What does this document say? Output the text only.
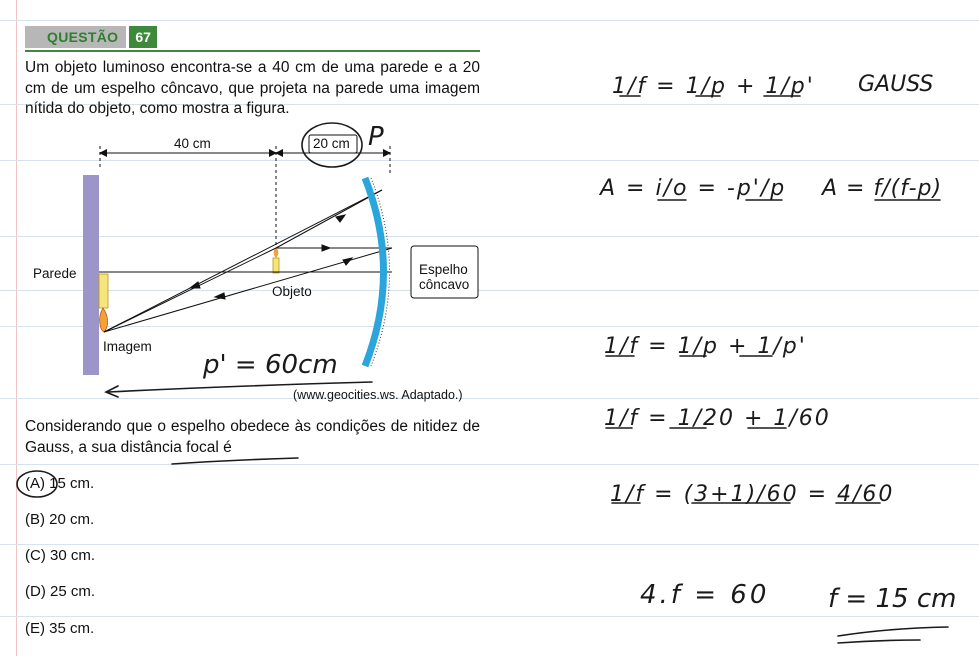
QUESTÃO	67
Um objeto luminoso encontra-se a 40 cm de uma parede e a 20 cm de um espelho côncavo, que projeta na parede uma imagem nítida do objeto, como mostra a figura.
40 cm	20 cm
Parede
Objeto
Imagem
Espelho
côncavo
(www.geocities.ws. Adaptado.)
Considerando que o espelho obedece às condições de nitidez de Gauss, a sua distância focal é
(A) 15 cm.
(B) 20 cm.
(C) 30 cm.
(D) 25 cm.
(E) 35 cm.
P
p' = 60cm
GAUSS
1/f = 1/p + 1/p'
A = i/o = -p'/p A = f/(f-p)
1/f = 1/p + 1/p'
1/f = 1/20 + 1/60
1/f = (3+1)/60 = 4/60
4.f = 60 f = 15 cm
